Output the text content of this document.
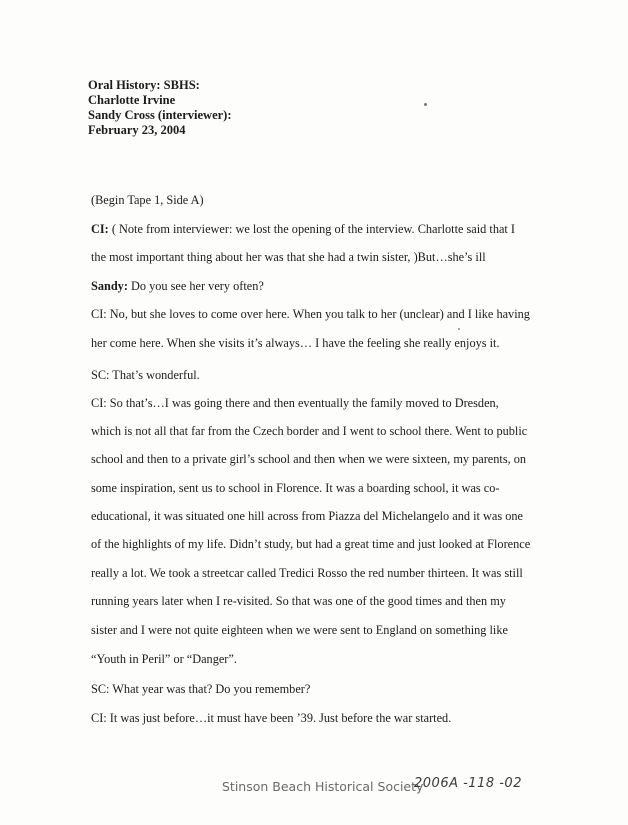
Oral History: SBHS:
Charlotte Irvine
Sandy Cross (interviewer):
February 23, 2004
(Begin Tape 1, Side A)
CI: ( Note from interviewer: we lost the opening of the interview. Charlotte said that I
the most important thing about her was that she had a twin sister, )But…she’s ill
Sandy: Do you see her very often?
CI: No, but she loves to come over here. When you talk to her (unclear) and I like having
her come here. When she visits it’s always… I have the feeling she really enjoys it.
SC: That’s wonderful.
CI: So that’s…I was going there and then eventually the family moved to Dresden,
which is not all that far from the Czech border and I went to school there. Went to public
school and then to a private girl’s school and then when we were sixteen, my parents, on
some inspiration, sent us to school in Florence. It was a boarding school, it was co-
educational, it was situated one hill across from Piazza del Michelangelo and it was one
of the highlights of my life. Didn’t study, but had a great time and just looked at Florence
really a lot. We took a streetcar called Tredici Rosso the red number thirteen. It was still
running years later when I re-visited. So that was one of the good times and then my
sister and I were not quite eighteen when we were sent to England on something like
“Youth in Peril” or “Danger”.
SC: What year was that? Do you remember?
CI: It was just before…it must have been ’39. Just before the war started.
Stinson Beach Historical Society
2006A -118 -02
